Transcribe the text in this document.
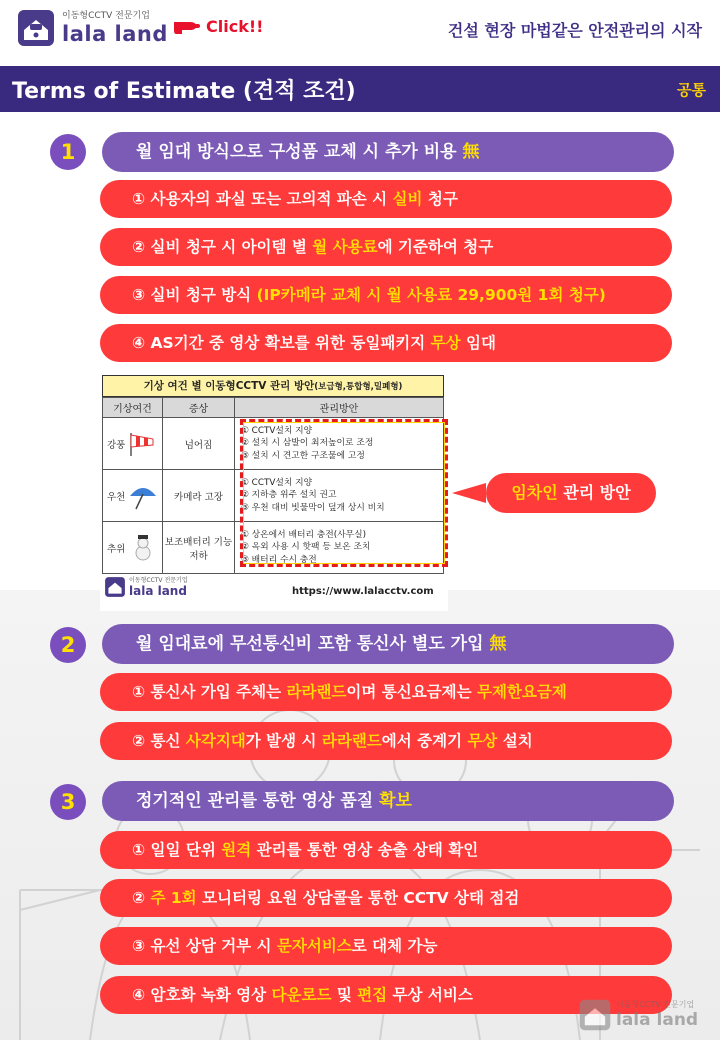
이동형CCTV 전문기업
lala land Click!!	건설 현장 마법같은 안전관리의 시작
Terms of Estimate (견적 조건)	공통
1	월 임대 방식으로 구성품 교체 시 추가 비용 無
① 사용자의 과실 또는 고의적 파손 시 실비 청구
② 실비 청구 시 아이템 별 월 사용료에 기준하여 청구
③ 실비 청구 방식 (IP카메라 교체 시 월 사용료 29,900원 1회 청구)
④ AS기간 중 영상 확보를 위한 동일패키지 무상 임대
기상 여건 별 이동형CCTV 관리 방안(보급형,통합형,밀폐형)
기상여건	증상	관리방안

강풍	넘어짐	① CCTV설치 지양
② 설치 시 삼발이 최저높이로 조정
③ 설치 시 견고한 구조물에 고정

우천	카메라 고장	① CCTV설치 지양
② 지하층 위주 설치 권고
③ 우천 대비 빗물막이 덮개 상시 비치

추위	보조배터리 기능저하	① 상온에서 배터리 충전(사무실)
② 옥외 사용 시 핫팩 등 보온 조치
③ 배터리 수시 충전
이동형CCTV 전문기업
lala land	https://www.lalacctv.com
임차인 관리 방안
2	월 임대료에 무선통신비 포함 통신사 별도 가입 無
① 통신사 가입 주체는 라라랜드이며 통신요금제는 무제한요금제
② 통신 사각지대가 발생 시 라라랜드에서 중계기 무상 설치
3	정기적인 관리를 통한 영상 품질 확보
① 일일 단위 원격 관리를 통한 영상 송출 상태 확인
② 주 1회 모니터링 요원 상담콜을 통한 CCTV 상태 점검
③ 유선 상담 거부 시 문자서비스로 대체 가능
④ 암호화 녹화 영상 다운로드 및 편집 무상 서비스
이동형CCTV 전문기업
lala land
